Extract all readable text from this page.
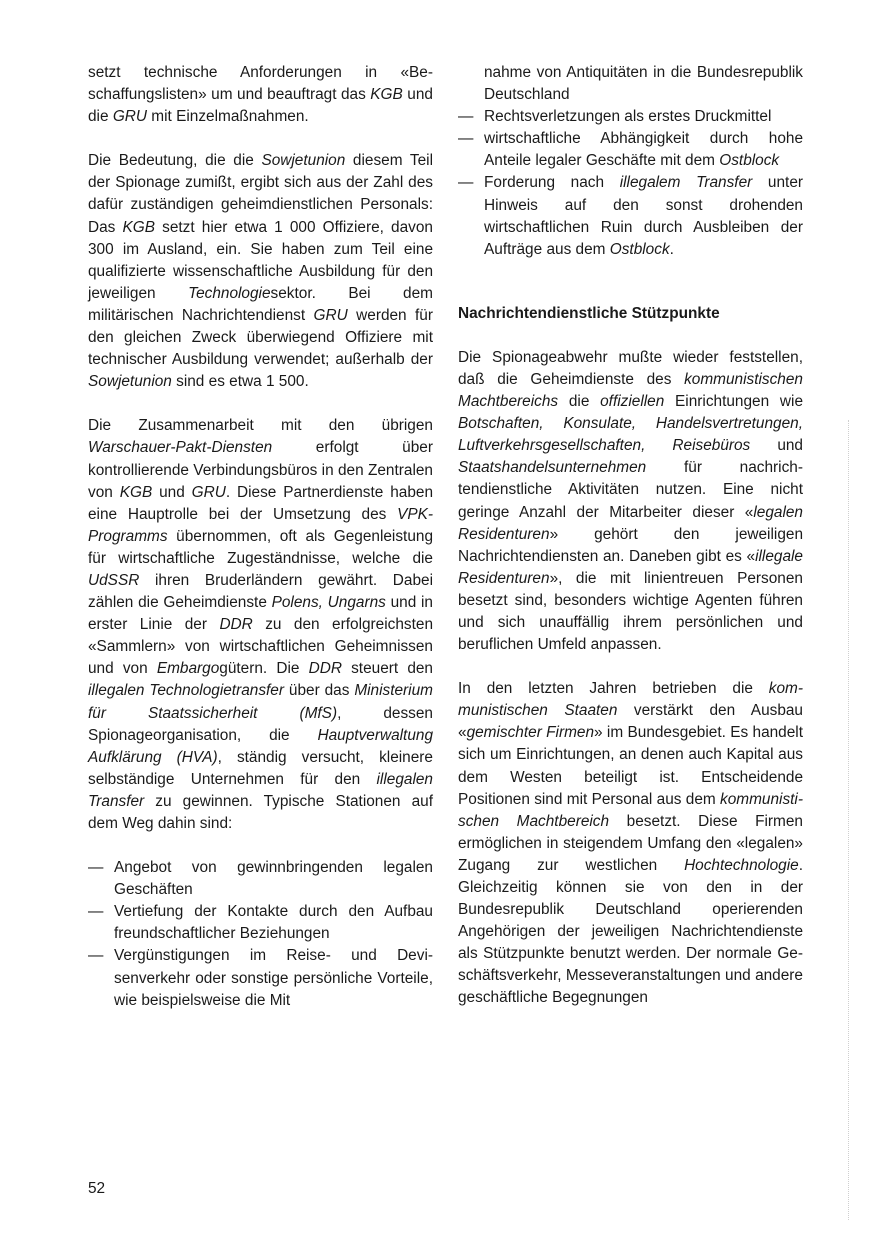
setzt technische Anforderungen in «Beschaffungslisten» um und beauftragt das KGB und die GRU mit Einzelmaßnahmen.

Die Bedeutung, die die Sowjetunion diesem Teil der Spionage zumißt, ergibt sich aus der Zahl des dafür zuständigen geheimdienstlichen Personals: Das KGB setzt hier etwa 1 000 Offiziere, davon 300 im Ausland, ein. Sie haben zum Teil eine qualifizierte wissenschaftliche Ausbildung für den jeweiligen Technologiesektor. Bei dem militärischen Nachrichtendienst GRU werden für den gleichen Zweck überwiegend Offiziere mit technischer Ausbildung verwendet; außerhalb der Sowjetunion sind es etwa 1 500.

Die Zusammenarbeit mit den übrigen Warschauer-Pakt-Diensten erfolgt über kontrollierende Verbindungsbüros in den Zentralen von KGB und GRU. Diese Partnerdienste haben eine Hauptrolle bei der Umsetzung des VPK-Programms übernommen, oft als Gegenleistung für wirtschaftliche Zugeständnisse, welche die UdSSR ihren Bruderländern gewährt. Dabei zählen die Geheimdienste Polens, Ungarns und in erster Linie der DDR zu den erfolgreichsten «Sammlern» von wirtschaftlichen Geheimnissen und von Embargogütern. Die DDR steuert den illegalen Technologietransfer über das Ministerium für Staatssicherheit (MfS), dessen Spionageorganisation, die Hauptverwaltung Aufklärung (HVA), ständig versucht, kleinere selbständige Unternehmen für den illegalen Transfer zu gewinnen. Typische Stationen auf dem Weg dahin sind:

— Angebot von gewinnbringenden legalen Geschäften
— Vertiefung der Kontakte durch den Aufbau freundschaftlicher Beziehungen
— Vergünstigungen im Reise- und Devisenverkehr oder sonstige persönliche Vorteile, wie beispielsweise die Mit
nahme von Antiquitäten in die Bundesrepublik Deutschland
— Rechtsverletzungen als erstes Druckmittel
— wirtschaftliche Abhängigkeit durch hohe Anteile legaler Geschäfte mit dem Ostblock
— Forderung nach illegalem Transfer unter Hinweis auf den sonst drohenden wirtschaftlichen Ruin durch Ausbleiben der Aufträge aus dem Ostblock.
Nachrichtendienstliche Stützpunkte

Die Spionageabwehr mußte wieder feststellen, daß die Geheimdienste des kommunistischen Machtbereichs die offiziellen Einrichtungen wie Botschaften, Konsulate, Handelsvertretungen, Luftverkehrsgesellschaften, Reisebüros und Staatshandelsunternehmen für nachrichtendienstliche Aktivitäten nutzen. Eine nicht geringe Anzahl der Mitarbeiter dieser «legalen Residenturen» gehört den jeweiligen Nachrichtendiensten an. Daneben gibt es «illegale Residenturen», die mit linientreuen Personen besetzt sind, besonders wichtige Agenten führen und sich unauffällig ihrem persönlichen und beruflichen Umfeld anpassen.

In den letzten Jahren betrieben die kommunistischen Staaten verstärkt den Ausbau «gemischter Firmen» im Bundesgebiet. Es handelt sich um Einrichtungen, an denen auch Kapital aus dem Westen beteiligt ist. Entscheidende Positionen sind mit Personal aus dem kommunistischen Machtbereich besetzt. Diese Firmen ermöglichen in steigendem Umfang den «legalen» Zugang zur westlichen Hochtechnologie. Gleichzeitig können sie von den in der Bundesrepublik Deutschland operierenden Angehörigen der jeweiligen Nachrichtendienste als Stützpunkte benutzt werden. Der normale Geschäftsverkehr, Messeveranstaltungen und andere geschäftliche Begegnungen

52
